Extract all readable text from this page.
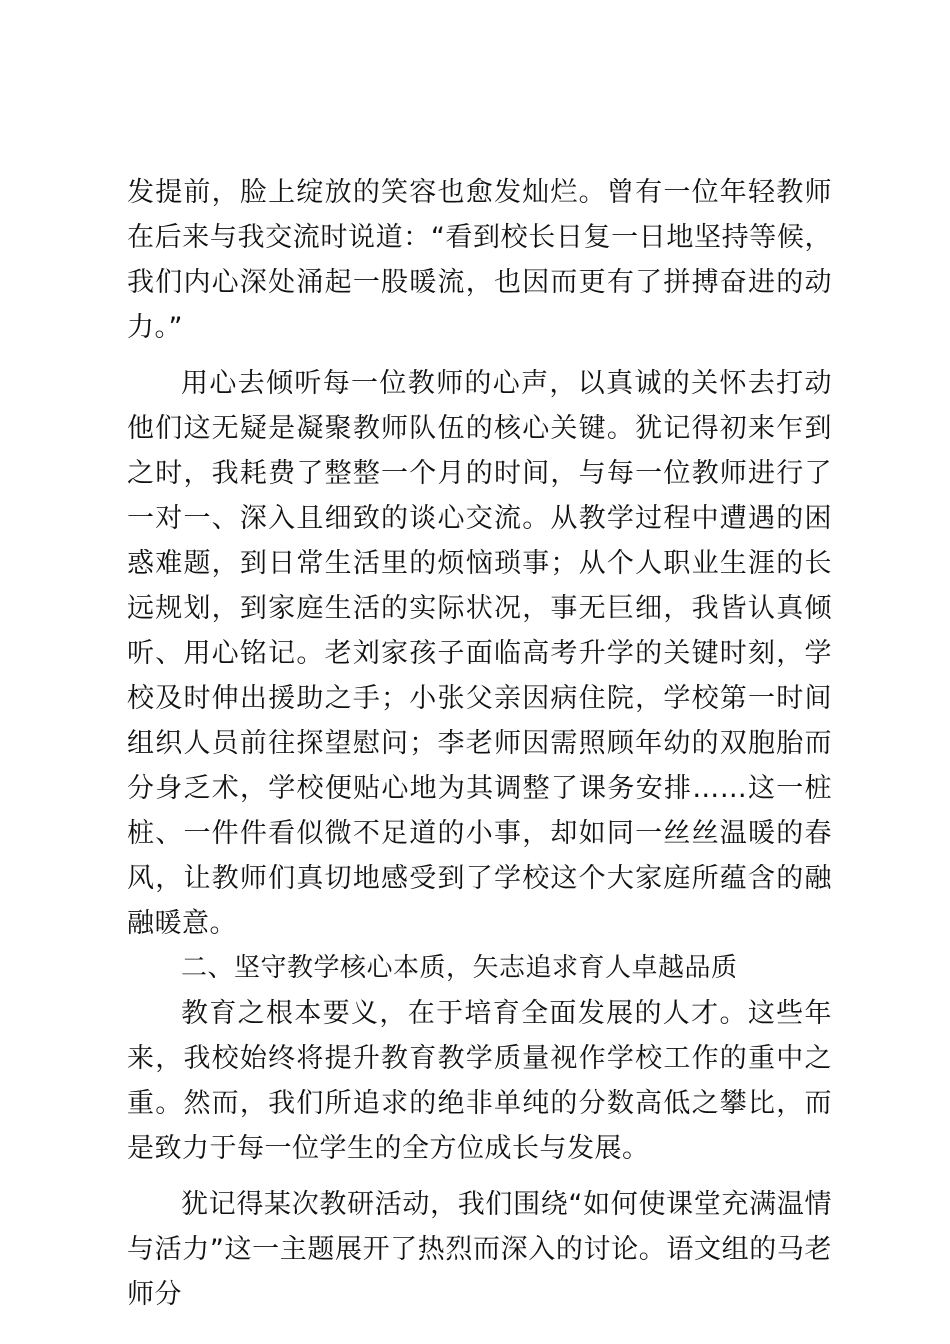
发提前，脸上绽放的笑容也愈发灿烂。曾有一位年轻教师在后来与我交流时说道：“看到校长日复一日地坚持等候，我们内心深处涌起一股暖流，也因而更有了拼搏奋进的动力。”

用心去倾听每一位教师的心声，以真诚的关怀去打动他们这无疑是凝聚教师队伍的核心关键。犹记得初来乍到之时，我耗费了整整一个月的时间，与每一位教师进行了一对一、深入且细致的谈心交流。从教学过程中遭遇的困惑难题，到日常生活里的烦恼琐事；从个人职业生涯的长远规划，到家庭生活的实际状况，事无巨细，我皆认真倾听、用心铭记。老刘家孩子面临高考升学的关键时刻，学校及时伸出援助之手；小张父亲因病住院，学校第一时间组织人员前往探望慰问；李老师因需照顾年幼的双胞胎而分身乏术，学校便贴心地为其调整了课务安排……这一桩桩、一件件看似微不足道的小事，却如同一丝丝温暖的春风，让教师们真切地感受到了学校这个大家庭所蕴含的融融暖意。

二、坚守教学核心本质，矢志追求育人卓越品质

教育之根本要义，在于培育全面发展的人才。这些年来，我校始终将提升教育教学质量视作学校工作的重中之重。然而，我们所追求的绝非单纯的分数高低之攀比，而是致力于每一位学生的全方位成长与发展。

犹记得某次教研活动，我们围绕“如何使课堂充满温情与活力”这一主题展开了热烈而深入的讨论。语文组的马老师分
